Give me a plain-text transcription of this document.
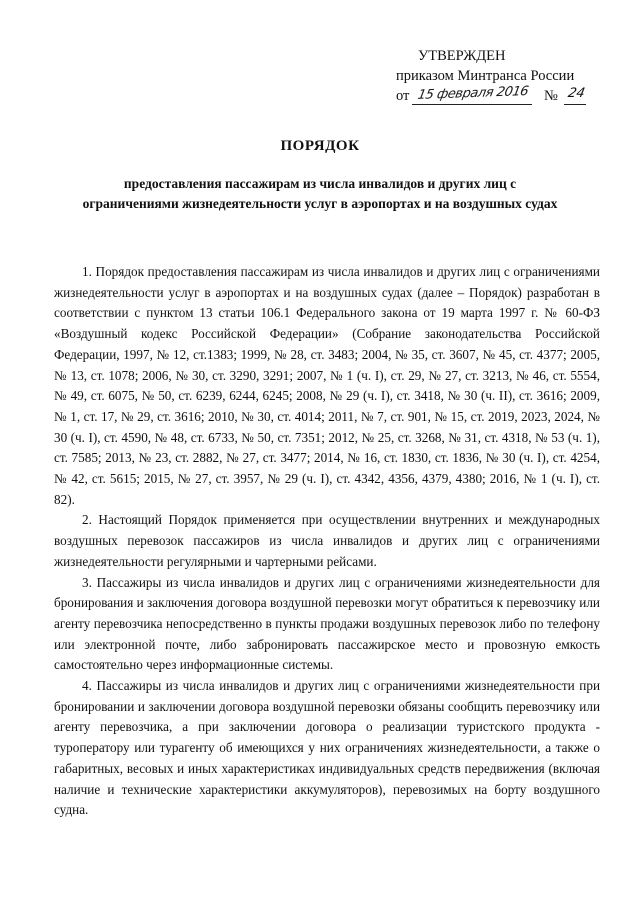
УТВЕРЖДЕН
приказом Минтранса России
от 15 февраля 2016 № 24
ПОРЯДОК
предоставления пассажирам из числа инвалидов и других лиц с
ограничениями жизнедеятельности услуг в аэропортах и на воздушных судах

1. Порядок предоставления пассажирам из числа инвалидов и других лиц с ограничениями жизнедеятельности услуг в аэропортах и на воздушных судах (далее – Порядок) разработан в соответствии с пунктом 13 статьи 106.1 Федерального закона от 19 марта 1997 г. № 60-ФЗ «Воздушный кодекс Российской Федерации» (Собрание законодательства Российской Федерации, 1997, № 12, ст.1383; 1999, № 28, ст. 3483; 2004, № 35, ст. 3607, № 45, ст. 4377; 2005, № 13, ст. 1078; 2006, № 30, ст. 3290, 3291; 2007, № 1 (ч. I), ст. 29, № 27, ст. 3213, № 46, ст. 5554, № 49, ст. 6075, № 50, ст. 6239, 6244, 6245; 2008, № 29 (ч. I), ст. 3418, № 30 (ч. II), ст. 3616; 2009, № 1, ст. 17, № 29, ст. 3616; 2010, № 30, ст. 4014; 2011, № 7, ст. 901, № 15, ст. 2019, 2023, 2024, № 30 (ч. I), ст. 4590, № 48, ст. 6733, № 50, ст. 7351; 2012, № 25, ст. 3268, № 31, ст. 4318, № 53 (ч. 1), ст. 7585; 2013, № 23, ст. 2882, № 27, ст. 3477; 2014, № 16, ст. 1830, ст. 1836, № 30 (ч. I), ст. 4254, № 42, ст. 5615; 2015, № 27, ст. 3957, № 29 (ч. I), ст. 4342, 4356, 4379, 4380; 2016, № 1 (ч. I), ст. 82).

2. Настоящий Порядок применяется при осуществлении внутренних и международных воздушных перевозок пассажиров из числа инвалидов и других лиц с ограничениями жизнедеятельности регулярными и чартерными рейсами.

3. Пассажиры из числа инвалидов и других лиц с ограничениями жизнедеятельности для бронирования и заключения договора воздушной перевозки могут обратиться к перевозчику или агенту перевозчика непосредственно в пункты продажи воздушных перевозок либо по телефону или электронной почте, либо забронировать пассажирское место и провозную емкость самостоятельно через информационные системы.

4. Пассажиры из числа инвалидов и других лиц с ограничениями жизнедеятельности при бронировании и заключении договора воздушной перевозки обязаны сообщить перевозчику или агенту перевозчика, а при заключении договора о реализации туристского продукта - туроператору или турагенту об имеющихся у них ограничениях жизнедеятельности, а также о габаритных, весовых и иных характеристиках индивидуальных средств передвижения (включая наличие и технические характеристики аккумуляторов), перевозимых на борту воздушного судна.
